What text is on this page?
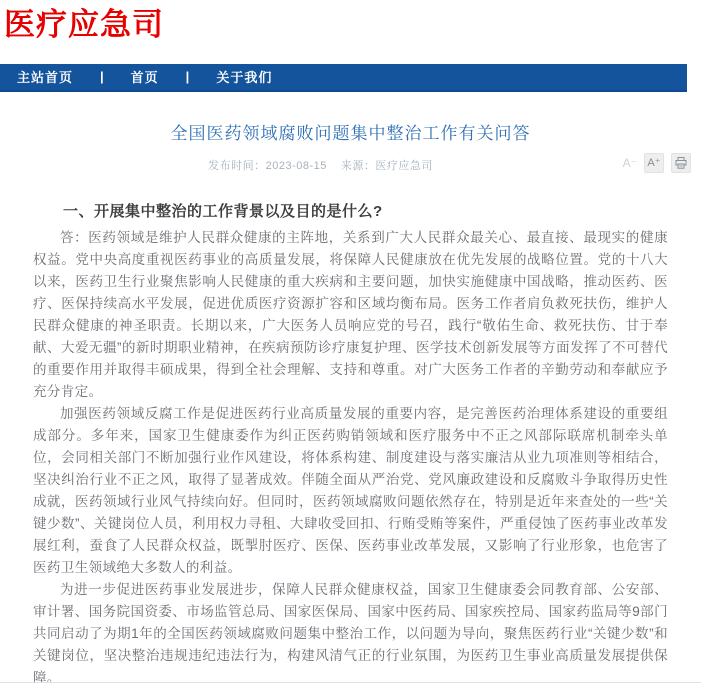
医疗应急司
主站首页 | 首页 | 关于我们
全国医药领域腐败问题集中整治工作有关问答
发布时间：2023-08-15 来源：医疗应急司	A⁻ A⁺
一、开展集中整治的工作背景以及目的是什么?

答：医药领域是维护人民群众健康的主阵地，关系到广大人民群众最关心、最直接、最现实的健康权益。党中央高度重视医药事业的高质量发展，将保障人民健康放在优先发展的战略位置。党的十八大以来，医药卫生行业聚焦影响人民健康的重大疾病和主要问题，加快实施健康中国战略，推动医药、医疗、医保持续高水平发展，促进优质医疗资源扩容和区域均衡布局。医务工作者肩负救死扶伤，维护人民群众健康的神圣职责。长期以来，广大医务人员响应党的号召，践行“敬佑生命、救死扶伤、甘于奉献、大爱无疆”的新时期职业精神，在疾病预防诊疗康复护理、医学技术创新发展等方面发挥了不可替代的重要作用并取得丰硕成果，得到全社会理解、支持和尊重。对广大医务工作者的辛勤劳动和奉献应予充分肯定。

加强医药领域反腐工作是促进医药行业高质量发展的重要内容，是完善医药治理体系建设的重要组成部分。多年来，国家卫生健康委作为纠正医药购销领域和医疗服务中不正之风部际联席机制牵头单位，会同相关部门不断加强行业作风建设，将体系构建、制度建设与落实廉洁从业九项准则等相结合，坚决纠治行业不正之风，取得了显著成效。伴随全面从严治党、党风廉政建设和反腐败斗争取得历史性成就，医药领域行业风气持续向好。但同时，医药领域腐败问题依然存在，特别是近年来查处的一些“关键少数”、关键岗位人员，利用权力寻租、大肆收受回扣、行贿受贿等案件，严重侵蚀了医药事业改革发展红利，蚕食了人民群众权益，既掣肘医疗、医保、医药事业改革发展，又影响了行业形象，也危害了医药卫生领域绝大多数人的利益。

为进一步促进医药事业发展进步，保障人民群众健康权益，国家卫生健康委会同教育部、公安部、审计署、国务院国资委、市场监管总局、国家医保局、国家中医药局、国家疾控局、国家药监局等9部门共同启动了为期1年的全国医药领域腐败问题集中整治工作，以问题为导向，聚焦医药行业“关键少数”和关键岗位，坚决整治违规违纪违法行为，构建风清气正的行业氛围，为医药卫生事业高质量发展提供保障。
